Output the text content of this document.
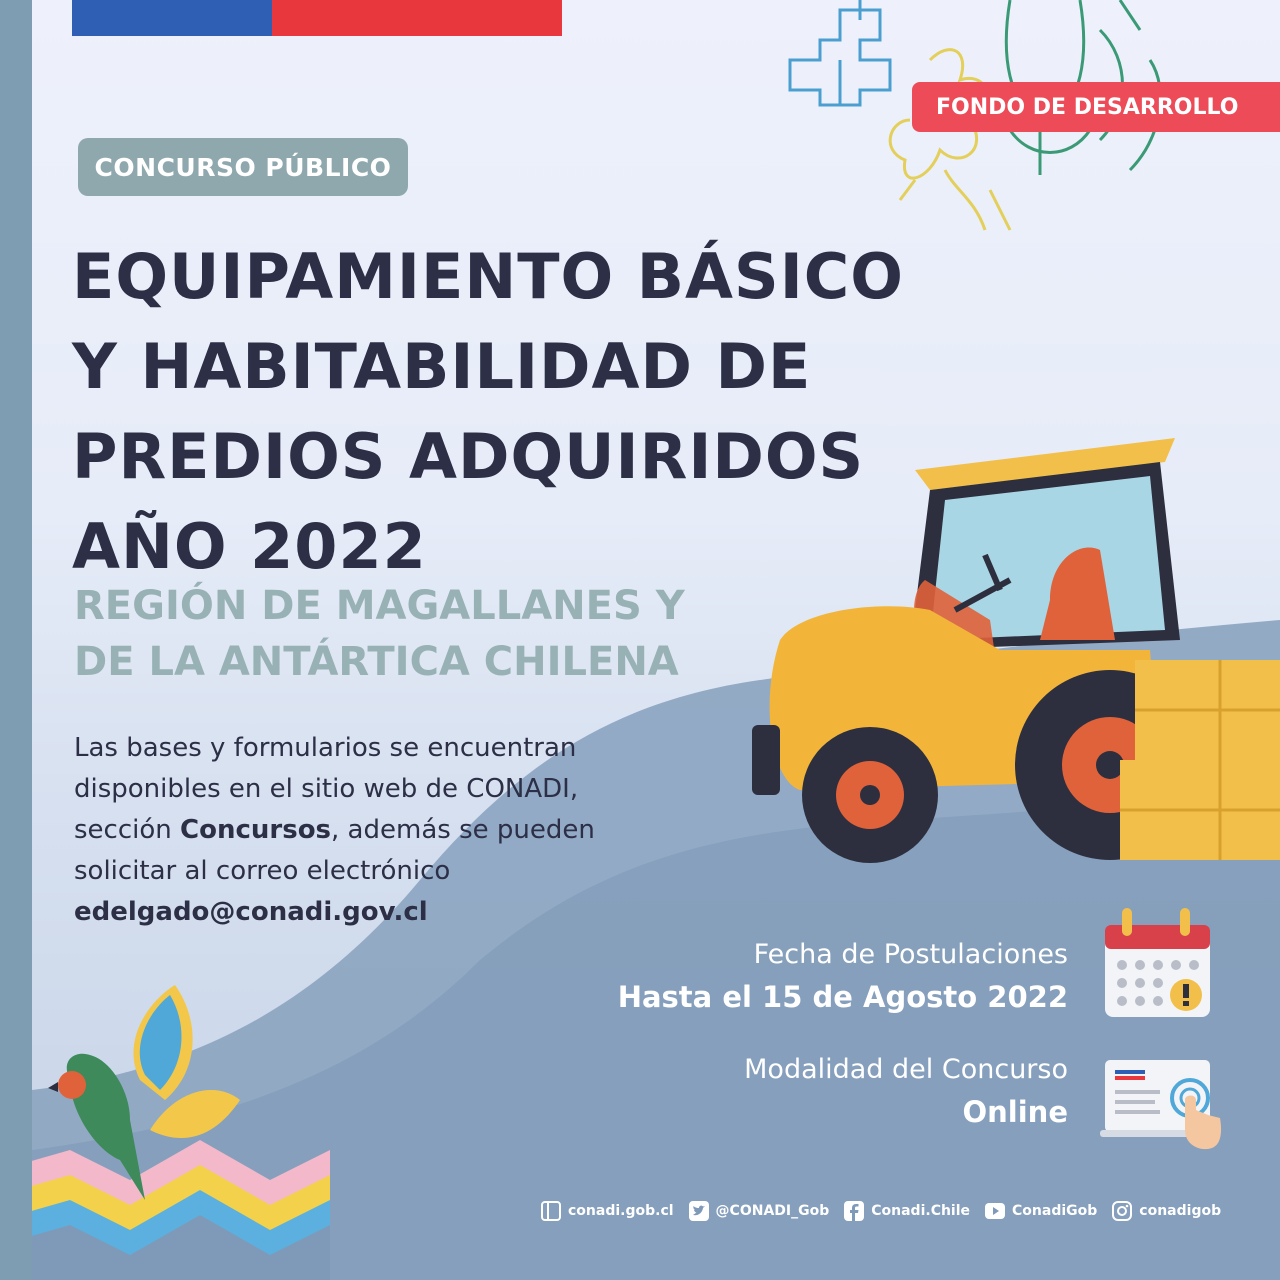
FONDO DE DESARROLLO
CONCURSO PÚBLICO
EQUIPAMIENTO BÁSICO
Y HABITABILIDAD DE
PREDIOS ADQUIRIDOS
AÑO 2022
REGIÓN DE MAGALLANES Y
DE LA ANTÁRTICA CHILENA
Las bases y formularios se encuentran
disponibles en el sitio web de CONADI,
sección Concursos, además se pueden
solicitar al correo electrónico
edelgado@conadi.gov.cl
Fecha de Postulaciones
Hasta el 15 de Agosto 2022
Modalidad del Concurso
Online
conadi.gob.cl	@CONADI_Gob	Conadi.Chile	ConadiGob	conadigob
